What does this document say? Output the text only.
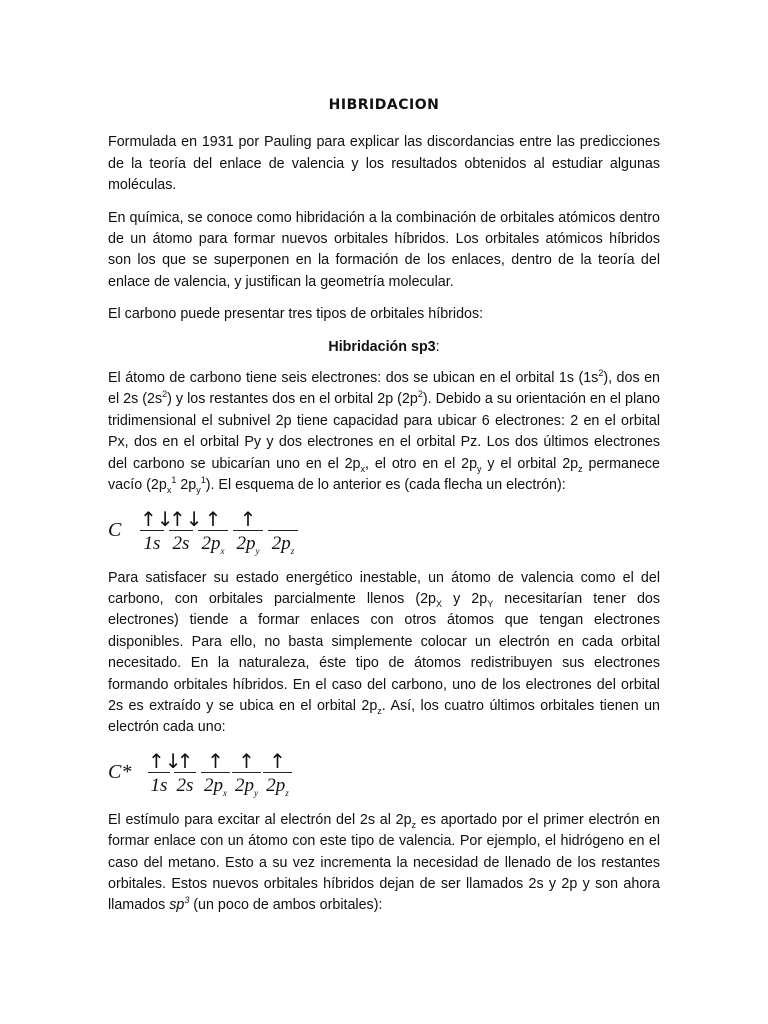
HIBRIDACION

Formulada en 1931 por Pauling para explicar las discordancias entre las predicciones de la teoría del enlace de valencia y los resultados obtenidos al estudiar algunas moléculas.

En química, se conoce como hibridación a la combinación de orbitales atómicos dentro de un átomo para formar nuevos orbitales híbridos. Los orbitales atómicos híbridos son los que se superponen en la formación de los enlaces, dentro de la teoría del enlace de valencia, y justifican la geometría molecular.

El carbono puede presentar tres tipos de orbitales híbridos:

Hibridación sp3:

El átomo de carbono tiene seis electrones: dos se ubican en el orbital 1s $(1s^2)$, dos en el 2s $(2s^2)$ y los restantes dos en el orbital 2p $(2p^2)$. Debido a su orientación en el plano tridimensional el subnivel 2p tiene capacidad para ubicar 6 electrones: 2 en el orbital Px, dos en el orbital Py y dos electrones en el orbital Pz. Los dos últimos electrones del carbono se ubicarían uno en el $2p_x$, el otro en el $2p_y$ y el orbital $2p_z$ permanece vacío ($2p_x^1$ $2p_y^1$). El esquema de lo anterior es (cada flecha un electrón):

C ↑↓
1s
↑↓
2s
↑
$2p_x$
↑
$2p_y$ $2p_z$

Para satisfacer su estado energético inestable, un átomo de valencia como el del carbono, con orbitales parcialmente llenos ($2p_X$ y $2p_Y$ necesitarían tener dos electrones) tiende a formar enlaces con otros átomos que tengan electrones disponibles. Para ello, no basta simplemente colocar un electrón en cada orbital necesitado. En la naturaleza, éste tipo de átomos redistribuyen sus electrones formando orbitales híbridos. En el caso del carbono, uno de los electrones del orbital 2s es extraído y se ubica en el orbital $2p_z$. Así, los cuatro últimos orbitales tienen un electrón cada uno:

C* ↑↓
1s
↑
2s
↑
$2p_x$
↑
$2p_y$
↑
$2p_z$

El estímulo para excitar al electrón del 2s al $2p_z$ es aportado por el primer electrón en formar enlace con un átomo con este tipo de valencia. Por ejemplo, el hidrógeno en el caso del metano. Esto a su vez incrementa la necesidad de llenado de los restantes orbitales. Estos nuevos orbitales híbridos dejan de ser llamados 2s y 2p y son ahora llamados $sp^3$ (un poco de ambos orbitales):
